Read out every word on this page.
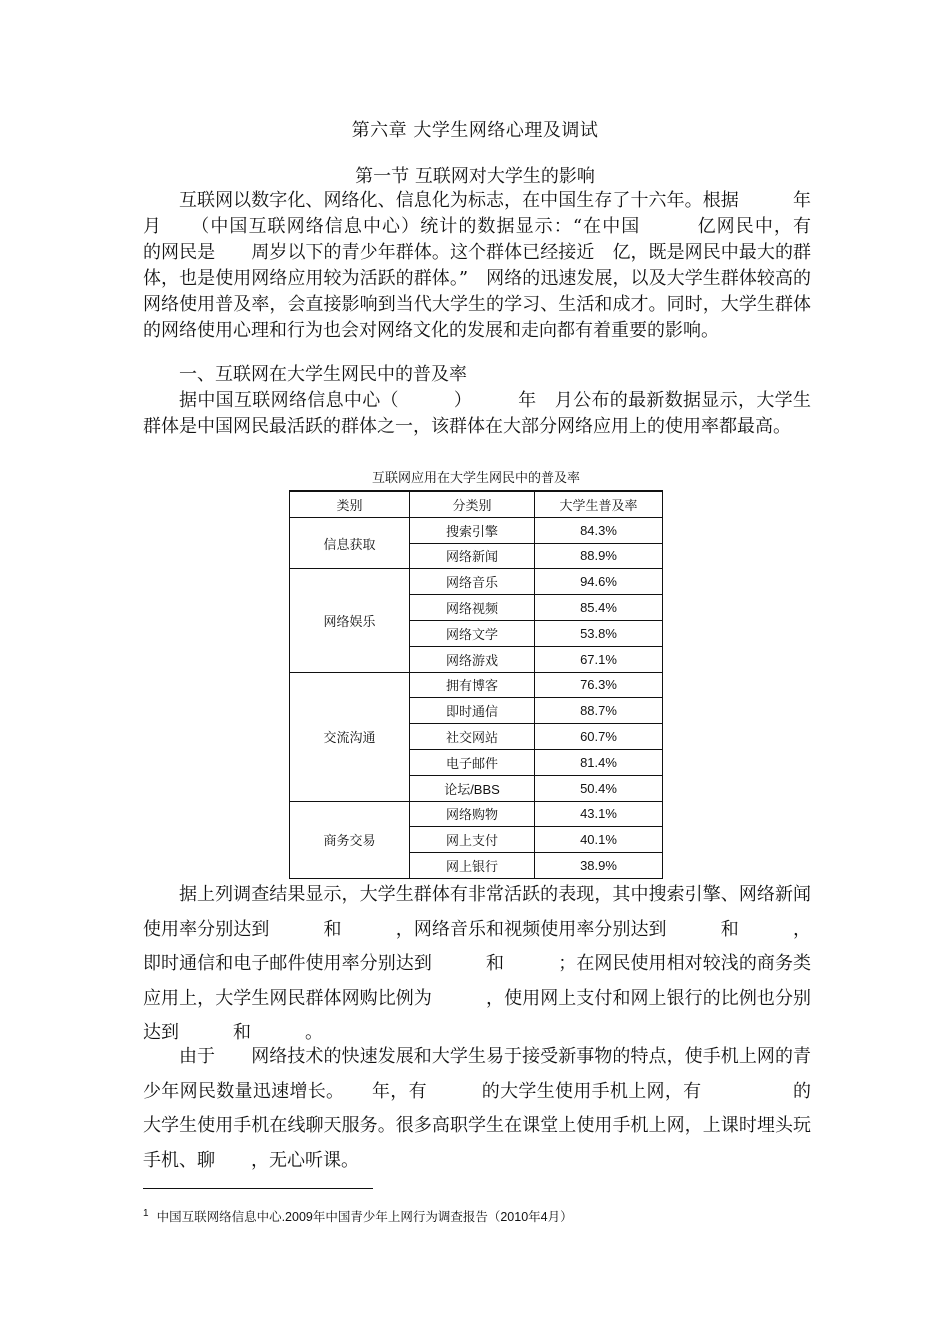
第六章 大学生网络心理及调试
第一节 互联网对大学生的影响

互联网以数字化、网络化、信息化为标志，在中国生存了十六年。根据　　　年　　月　　（中国互联网络信息中心）统计的数据显示：“在中国　　　亿网民中，有　　　的网民是　　周岁以下的青少年群体。这个群体已经接近　亿，既是网民中最大的群体，也是使用网络应用较为活跃的群体。”　网络的迅速发展，以及大学生群体较高的网络使用普及率，会直接影响到当代大学生的学习、生活和成才。同时，大学生群体的网络使用心理和行为也会对网络文化的发展和走向都有着重要的影响。

一、互联网在大学生网民中的普及率

据中国互联网络信息中心（　　　）　　　年　月公布的最新数据显示，大学生群体是中国网民最活跃的群体之一，该群体在大部分网络应用上的使用率都最高。

互联网应用在大学生网民中的普及率
类别	分类别	大学生普及率
信息获取	搜索引擎	84.3%
	网络新闻	88.9%
网络娱乐	网络音乐	94.6%
	网络视频	85.4%
	网络文学	53.8%
	网络游戏	67.1%
交流沟通	拥有博客	76.3%
	即时通信	88.7%
	社交网站	60.7%
	电子邮件	81.4%
	论坛/BBS	50.4%
商务交易	网络购物	43.1%
	网上支付	40.1%
	网上银行	38.9%

据上列调查结果显示，大学生群体有非常活跃的表现，其中搜索引擎、网络新闻使用率分别达到　　　和　　　，网络音乐和视频使用率分别达到　　　和　　　，即时通信和电子邮件使用率分别达到　　　和　　　；在网民使用相对较浅的商务类应用上，大学生网民群体网购比例为　　　，使用网上支付和网上银行的比例也分别达到　　　和　　　。

由于　　网络技术的快速发展和大学生易于接受新事物的特点，使手机上网的青少年网民数量迅速增长。　　年，有　　　的大学生使用手机上网，有　　　　　的大学生使用手机在线聊天服务。很多高职学生在课堂上使用手机上网，上课时埋头玩手机、聊　　，无心听课。

$^1$ 中国互联网络信息中心.2009年中国青少年上网行为调查报告（2010年4月）
